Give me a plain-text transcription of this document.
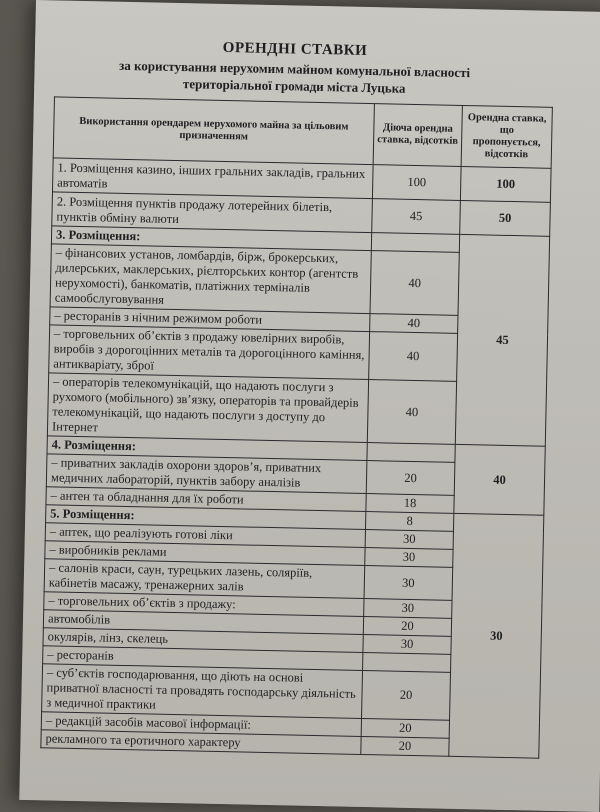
ОРЕНДНІ СТАВКИ
за користування нерухомим майном комунальної власності
територіальної громади міста Луцька
Використання орендарем нерухомого майна за цільовим призначенням	Діюча орендна ставка, відсотків	Орендна ставка, що пропонується, відсотків
1. Розміщення казино, інших гральних закладів, гральних автоматів	100	100
2. Розміщення пунктів продажу лотерейних білетів, пунктів обміну валюти	45	50
3. Розміщення:		45
– фінансових установ, ломбардів, бірж, брокерських, дилерських, маклерських, рієлторських контор (агентств нерухомості), банкоматів, платіжних терміналів самообслуговування	40	
– ресторанів з нічним режимом роботи	40	
– торговельних об’єктів з продажу ювелірних виробів, виробів з дорогоцінних металів та дорогоцінного каміння, антикваріату, зброї	40	
– операторів телекомунікацій, що надають послуги з рухомого (мобільного) зв’язку, операторів та провайдерів телекомунікацій, що надають послуги з доступу до Інтернет	40	
4. Розміщення:		40
– приватних закладів охорони здоров’я, приватних медичних лабораторій, пунктів забору аналізів	20	
– антен та обладнання для їх роботи	18	
5. Розміщення:	8	30
– аптек, що реалізують готові ліки	30	
– виробників реклами	30	
– салонів краси, саун, турецьких лазень, соляріїв, кабінетів масажу, тренажерних залів	30	
– торговельних об’єктів з продажу:	30	
автомобілів	20	
окулярів, лінз, скелець	30	
– ресторанів		
– суб’єктів господарювання, що діють на основі приватної власності та провадять господарську діяльність з медичної практики	20	
– редакцій засобів масової інформації:	20	
рекламного та еротичного характеру	20	
